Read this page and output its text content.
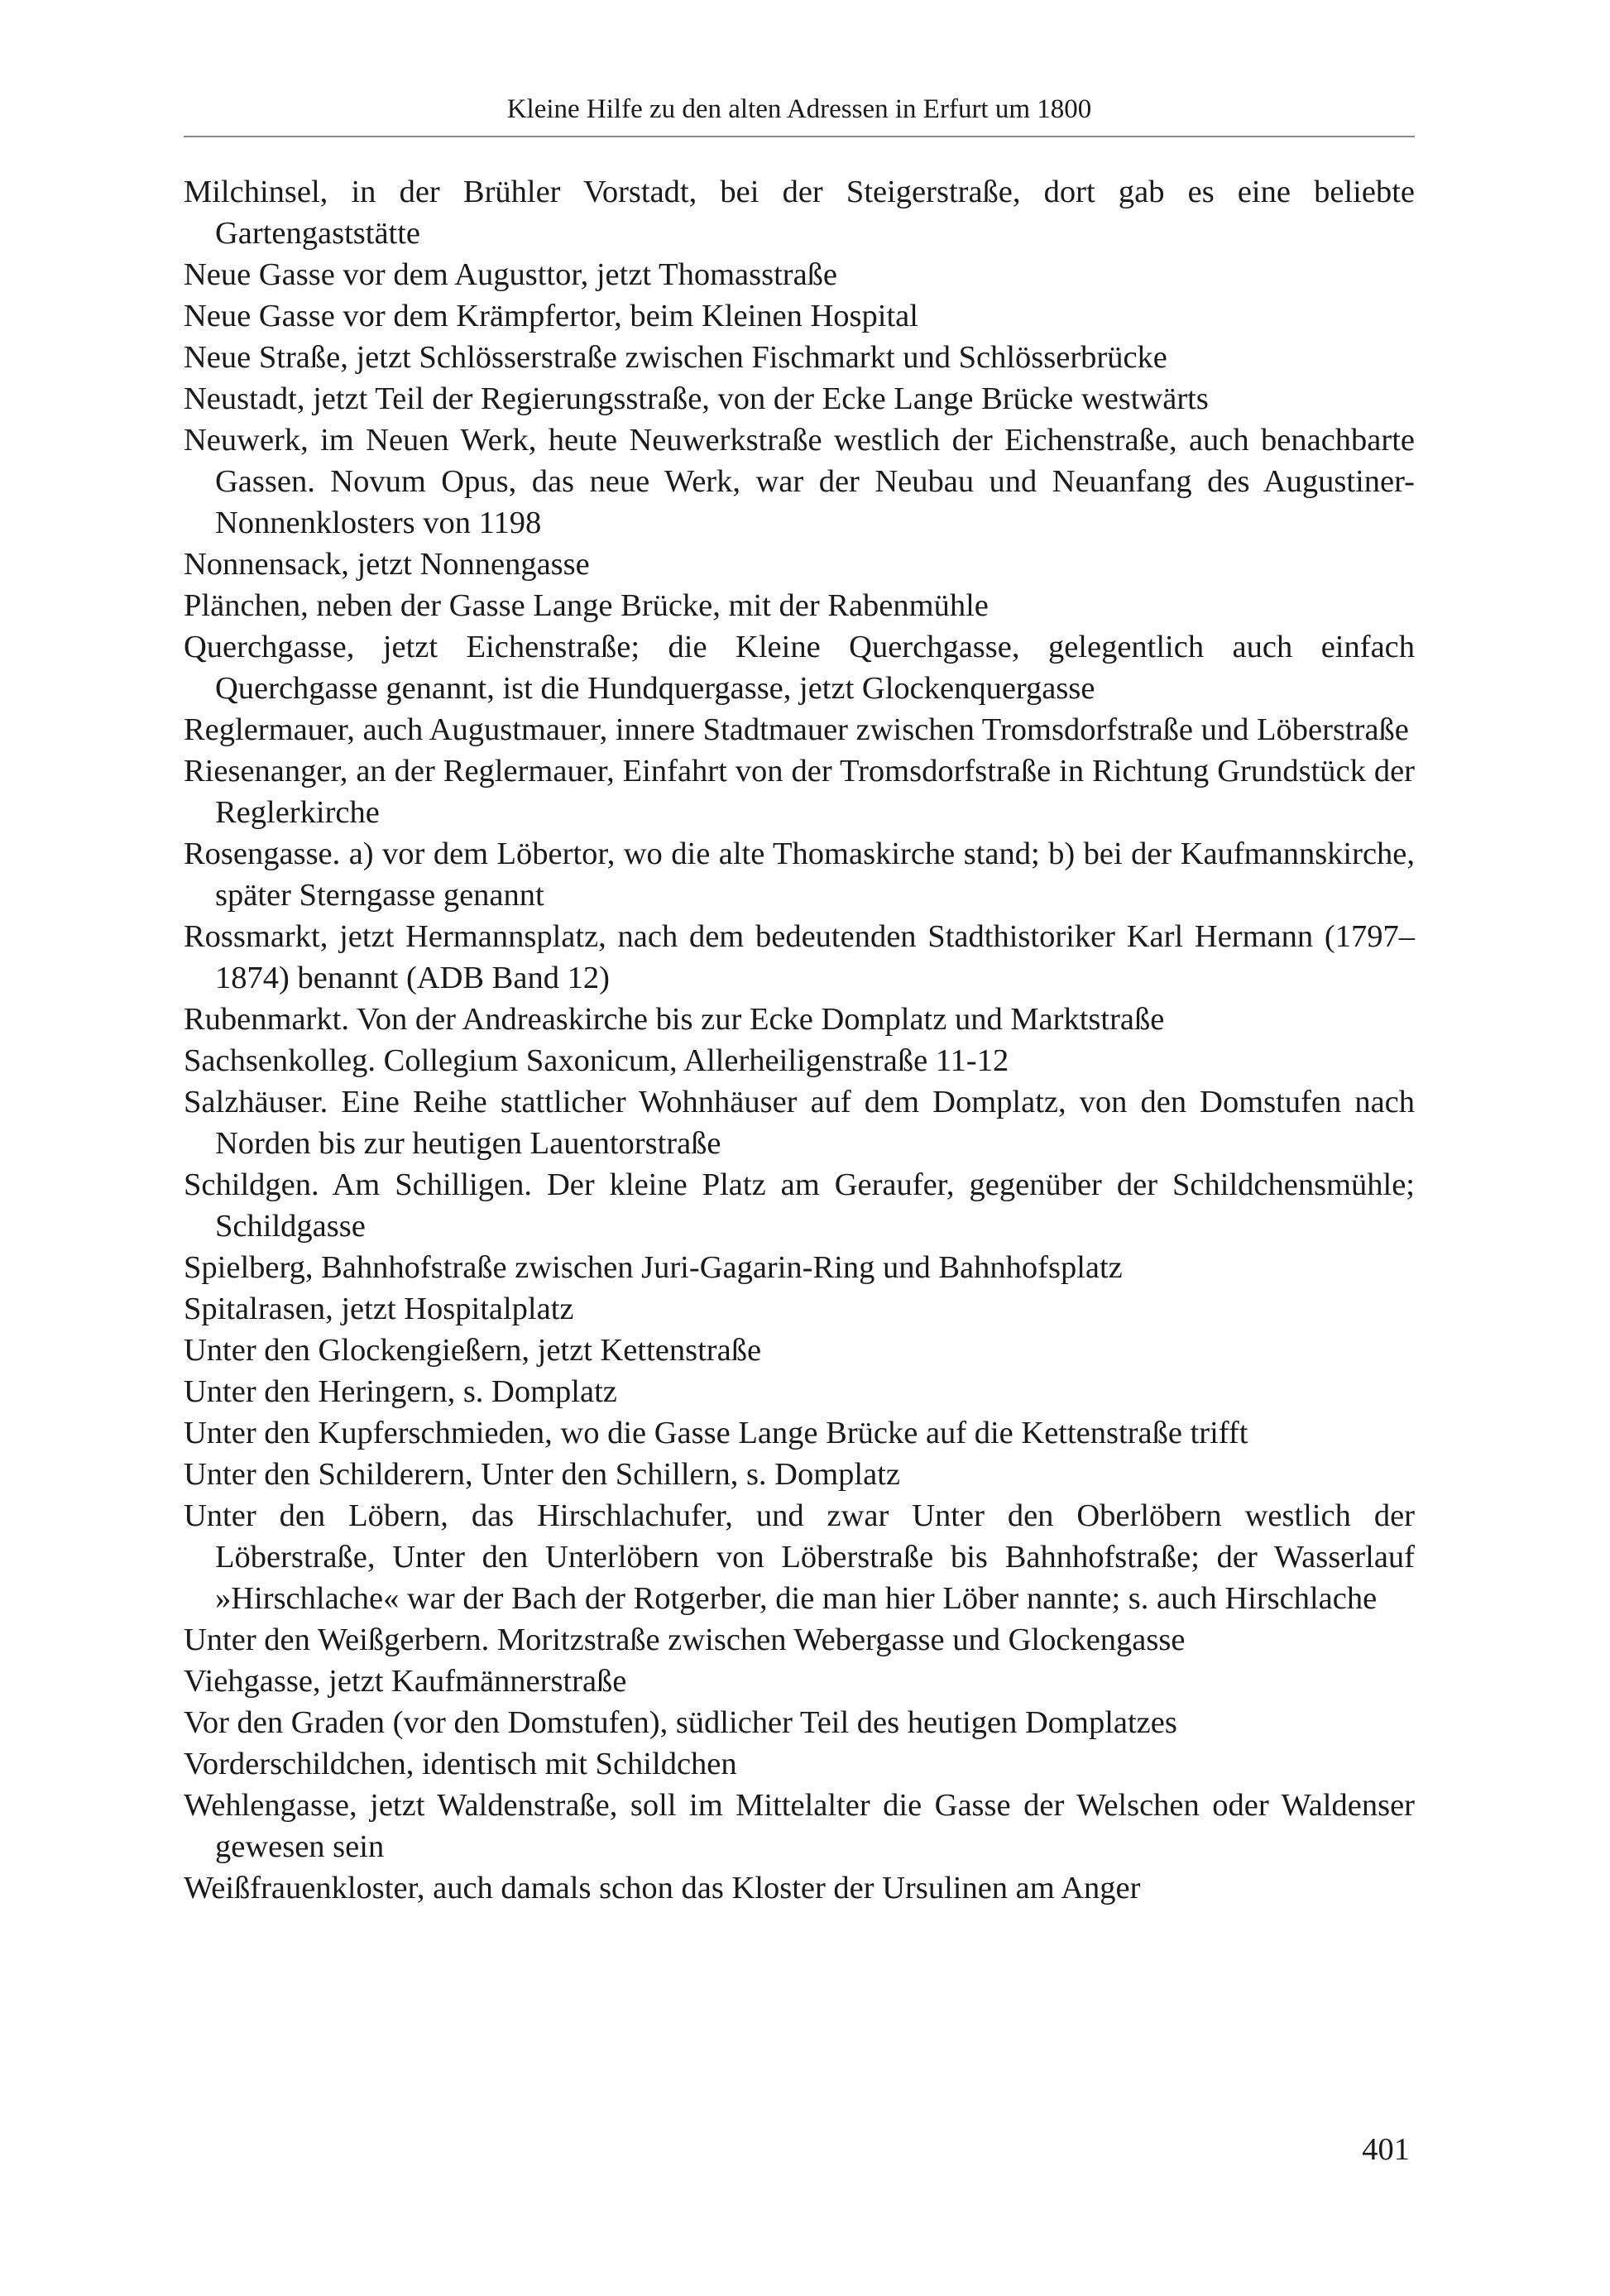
Kleine Hilfe zu den alten Adressen in Erfurt um 1800
Milchinsel, in der Brühler Vorstadt, bei der Steigerstraße, dort gab es eine beliebte Gartengaststätte
Neue Gasse vor dem Augusttor, jetzt Thomasstraße
Neue Gasse vor dem Krämpfertor, beim Kleinen Hospital
Neue Straße, jetzt Schlösserstraße zwischen Fischmarkt und Schlösserbrücke
Neustadt, jetzt Teil der Regierungsstraße, von der Ecke Lange Brücke westwärts
Neuwerk, im Neuen Werk, heute Neuwerkstraße westlich der Eichenstraße, auch benachbarte Gassen. Novum Opus, das neue Werk, war der Neubau und Neuanfang des Augustiner-Nonnenklosters von 1198
Nonnensack, jetzt Nonnengasse
Plänchen, neben der Gasse Lange Brücke, mit der Rabenmühle
Querchgasse, jetzt Eichenstraße; die Kleine Querchgasse, gelegentlich auch einfach Querchgasse genannt, ist die Hundquergasse, jetzt Glockenquergasse
Reglermauer, auch Augustmauer, innere Stadtmauer zwischen Tromsdorfstraße und Löberstraße
Riesenanger, an der Reglermauer, Einfahrt von der Tromsdorfstraße in Richtung Grundstück der Reglerkirche
Rosengasse. a) vor dem Löbertor, wo die alte Thomaskirche stand; b) bei der Kaufmannskirche, später Sterngasse genannt
Rossmarkt, jetzt Hermannsplatz, nach dem bedeutenden Stadthistoriker Karl Hermann (1797–1874) benannt (ADB Band 12)
Rubenmarkt. Von der Andreaskirche bis zur Ecke Domplatz und Marktstraße
Sachsenkolleg. Collegium Saxonicum, Allerheiligenstraße 11-12
Salzhäuser. Eine Reihe stattlicher Wohnhäuser auf dem Domplatz, von den Domstufen nach Norden bis zur heutigen Lauentorstraße
Schildgen. Am Schilligen. Der kleine Platz am Geraufer, gegenüber der Schildchensmühle; Schildgasse
Spielberg, Bahnhofstraße zwischen Juri-Gagarin-Ring und Bahnhofsplatz
Spitalrasen, jetzt Hospitalplatz
Unter den Glockengießern, jetzt Kettenstraße
Unter den Heringern, s. Domplatz
Unter den Kupferschmieden, wo die Gasse Lange Brücke auf die Kettenstraße trifft
Unter den Schilderern, Unter den Schillern, s. Domplatz
Unter den Löbern, das Hirschlachufer, und zwar Unter den Oberlöbern westlich der Löberstraße, Unter den Unterlöbern von Löberstraße bis Bahnhofstraße; der Wasserlauf »Hirschlache« war der Bach der Rotgerber, die man hier Löber nannte; s. auch Hirschlache
Unter den Weißgerbern. Moritzstraße zwischen Webergasse und Glockengasse
Viehgasse, jetzt Kaufmännerstraße
Vor den Graden (vor den Domstufen), südlicher Teil des heutigen Domplatzes
Vorderschildchen, identisch mit Schildchen
Wehlengasse, jetzt Waldenstraße, soll im Mittelalter die Gasse der Welschen oder Waldenser gewesen sein
Weißfrauenkloster, auch damals schon das Kloster der Ursulinen am Anger
401
